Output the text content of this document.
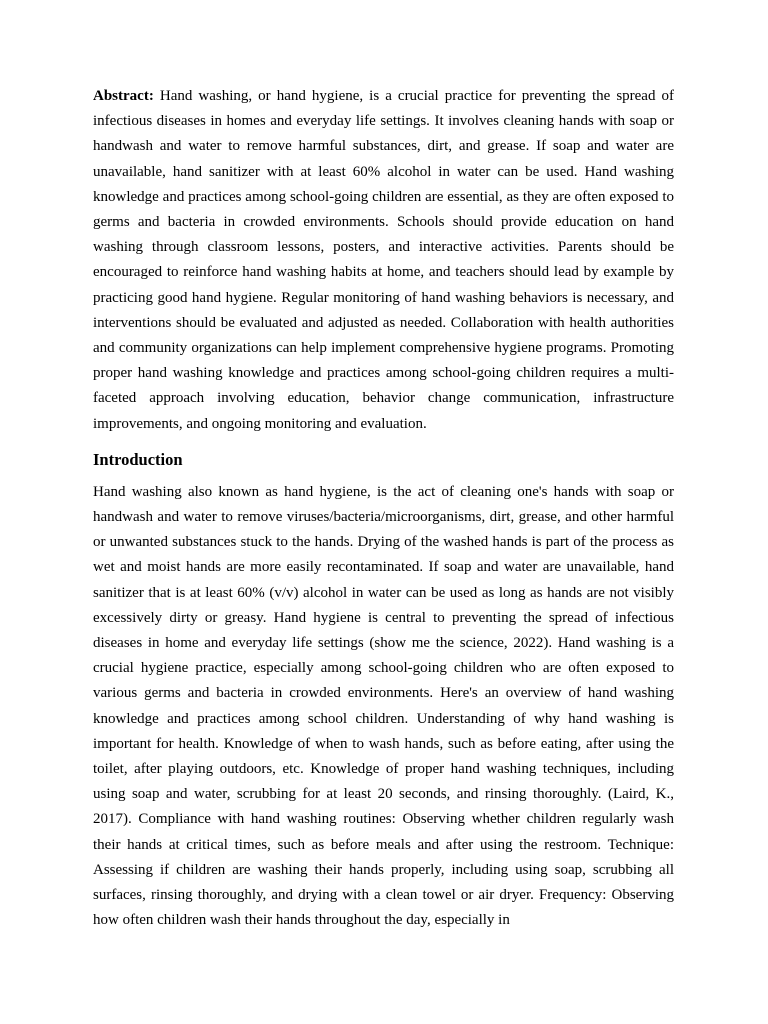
Abstract: Hand washing, or hand hygiene, is a crucial practice for preventing the spread of infectious diseases in homes and everyday life settings. It involves cleaning hands with soap or handwash and water to remove harmful substances, dirt, and grease. If soap and water are unavailable, hand sanitizer with at least 60% alcohol in water can be used. Hand washing knowledge and practices among school-going children are essential, as they are often exposed to germs and bacteria in crowded environments. Schools should provide education on hand washing through classroom lessons, posters, and interactive activities. Parents should be encouraged to reinforce hand washing habits at home, and teachers should lead by example by practicing good hand hygiene. Regular monitoring of hand washing behaviors is necessary, and interventions should be evaluated and adjusted as needed. Collaboration with health authorities and community organizations can help implement comprehensive hygiene programs. Promoting proper hand washing knowledge and practices among school-going children requires a multi-faceted approach involving education, behavior change communication, infrastructure improvements, and ongoing monitoring and evaluation.

Introduction

Hand washing also known as hand hygiene, is the act of cleaning one's hands with soap or handwash and water to remove viruses/bacteria/microorganisms, dirt, grease, and other harmful or unwanted substances stuck to the hands. Drying of the washed hands is part of the process as wet and moist hands are more easily recontaminated. If soap and water are unavailable, hand sanitizer that is at least 60% (v/v) alcohol in water can be used as long as hands are not visibly excessively dirty or greasy. Hand hygiene is central to preventing the spread of infectious diseases in home and everyday life settings (show me the science, 2022). Hand washing is a crucial hygiene practice, especially among school-going children who are often exposed to various germs and bacteria in crowded environments. Here's an overview of hand washing knowledge and practices among school children. Understanding of why hand washing is important for health. Knowledge of when to wash hands, such as before eating, after using the toilet, after playing outdoors, etc. Knowledge of proper hand washing techniques, including using soap and water, scrubbing for at least 20 seconds, and rinsing thoroughly. (Laird, K., 2017). Compliance with hand washing routines: Observing whether children regularly wash their hands at critical times, such as before meals and after using the restroom. Technique: Assessing if children are washing their hands properly, including using soap, scrubbing all surfaces, rinsing thoroughly, and drying with a clean towel or air dryer. Frequency: Observing how often children wash their hands throughout the day, especially in
